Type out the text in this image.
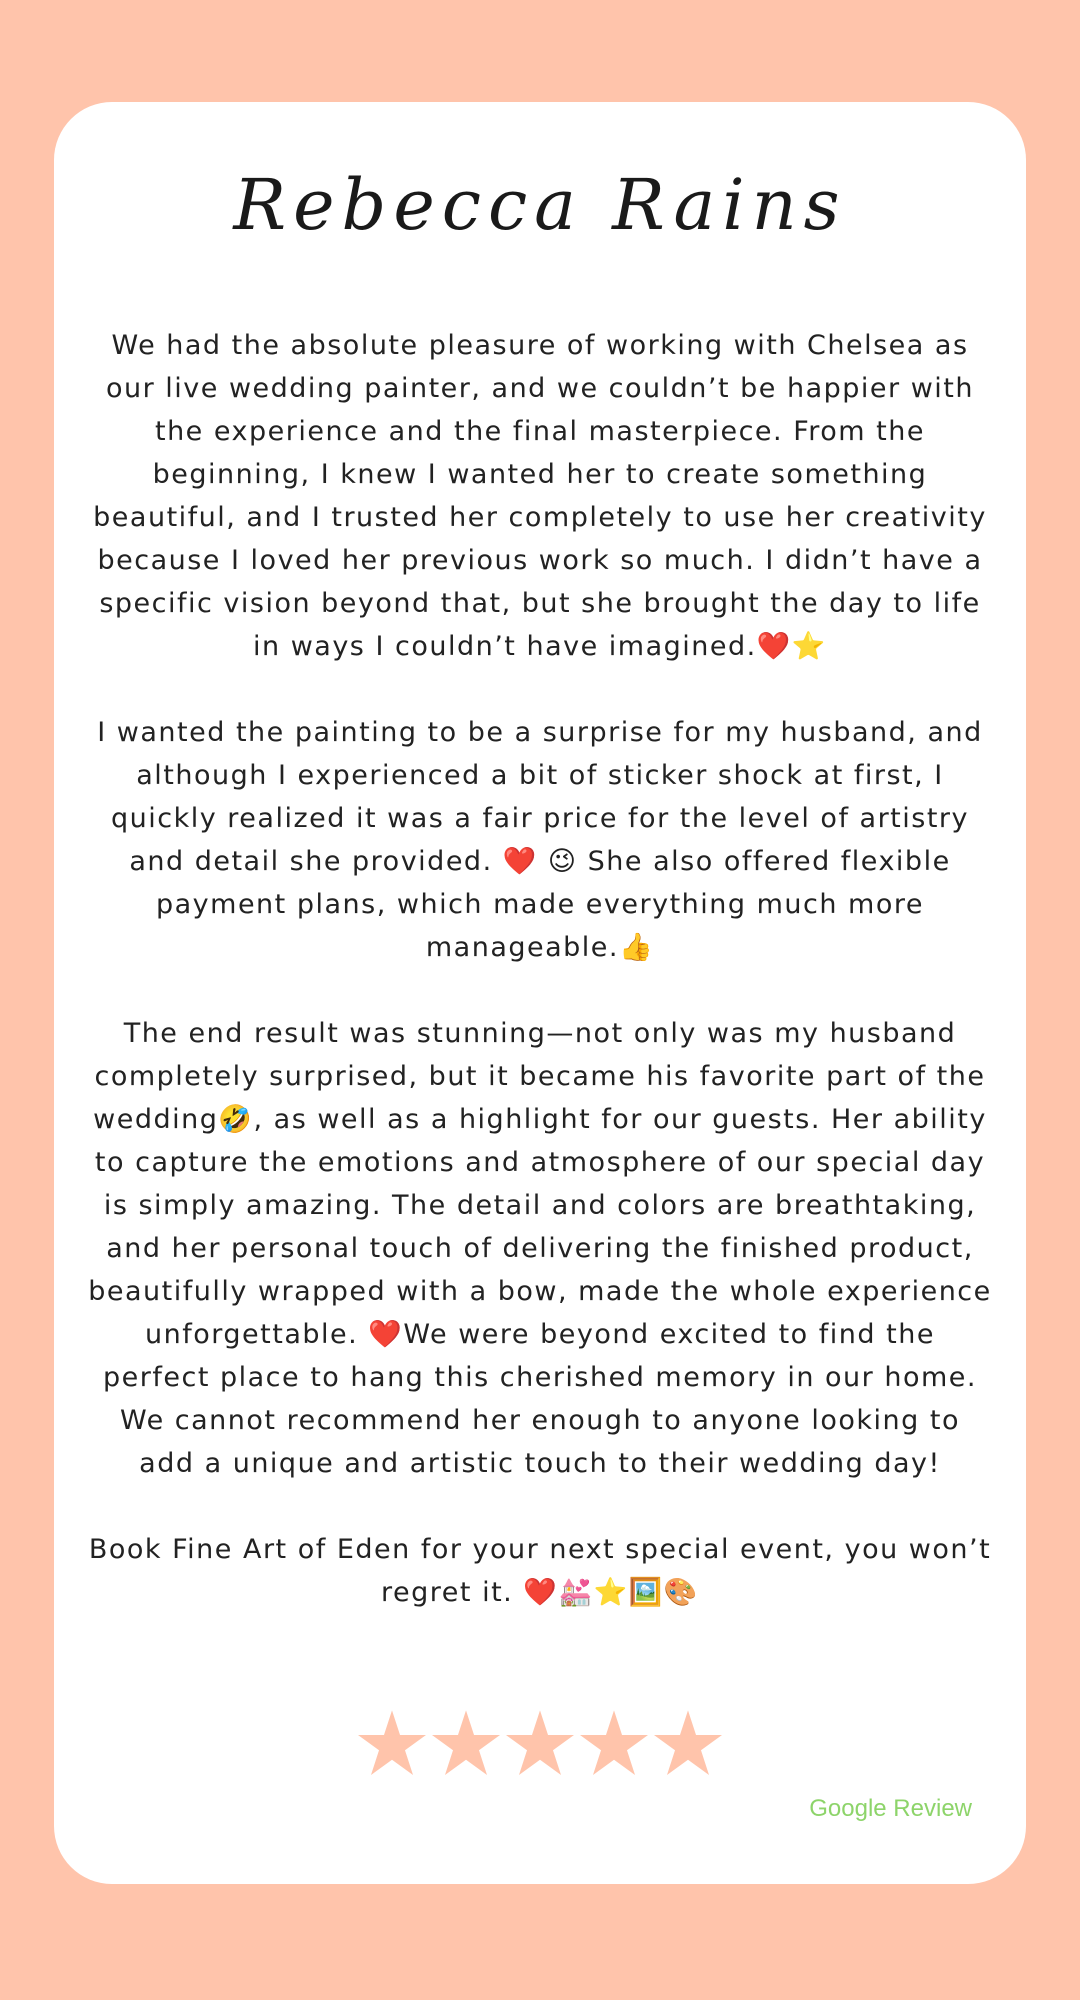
Rebecca Rains

We had the absolute pleasure of working with Chelsea as our live wedding painter, and we couldn’t be happier with the experience and the final masterpiece. From the beginning, I knew I wanted her to create something beautiful, and I trusted her completely to use her creativity because I loved her previous work so much. I didn’t have a specific vision beyond that, but she brought the day to life in ways I couldn’t have imagined.❤️⭐

I wanted the painting to be a surprise for my husband, and although I experienced a bit of sticker shock at first, I quickly realized it was a fair price for the level of artistry and detail she provided. ❤️ 😉 She also offered flexible payment plans, which made everything much more manageable.👍

The end result was stunning—not only was my husband completely surprised, but it became his favorite part of the wedding🤣, as well as a highlight for our guests. Her ability to capture the emotions and atmosphere of our special day is simply amazing. The detail and colors are breathtaking, and her personal touch of delivering the finished product, beautifully wrapped with a bow, made the whole experience unforgettable. ❤️We were beyond excited to find the perfect place to hang this cherished memory in our home. We cannot recommend her enough to anyone looking to add a unique and artistic touch to their wedding day!

Book Fine Art of Eden for your next special event, you won’t regret it. ❤️💒⭐🖼️🎨

Google Review
